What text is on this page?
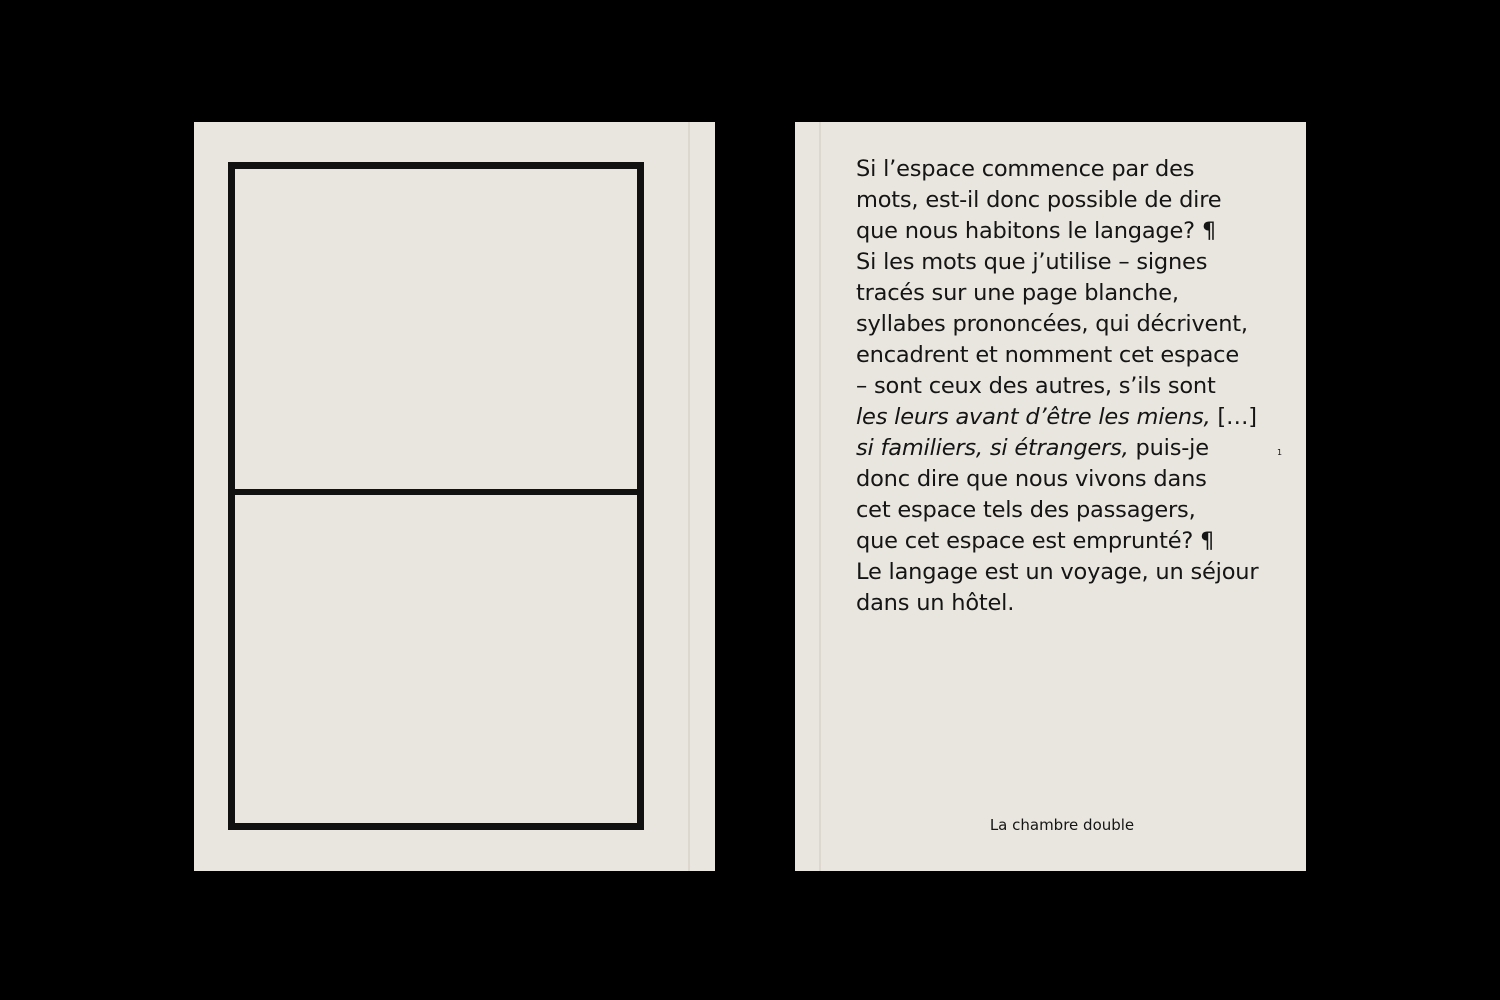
Si l’espace commence par des
mots, est-il donc possible de dire
que nous habitons le langage? ¶
Si les mots que j’utilise – signes
tracés sur une page blanche,
syllabes prononcées, qui décrivent,
encadrent et nomment cet espace
– sont ceux des autres, s’ils sont
les leurs avant d’être les miens, […]
si familiers, si étrangers, puis-je
donc dire que nous vivons dans
cet espace tels des passagers,
que cet espace est emprunté? ¶
Le langage est un voyage, un séjour
dans un hôtel.
1
La chambre double
